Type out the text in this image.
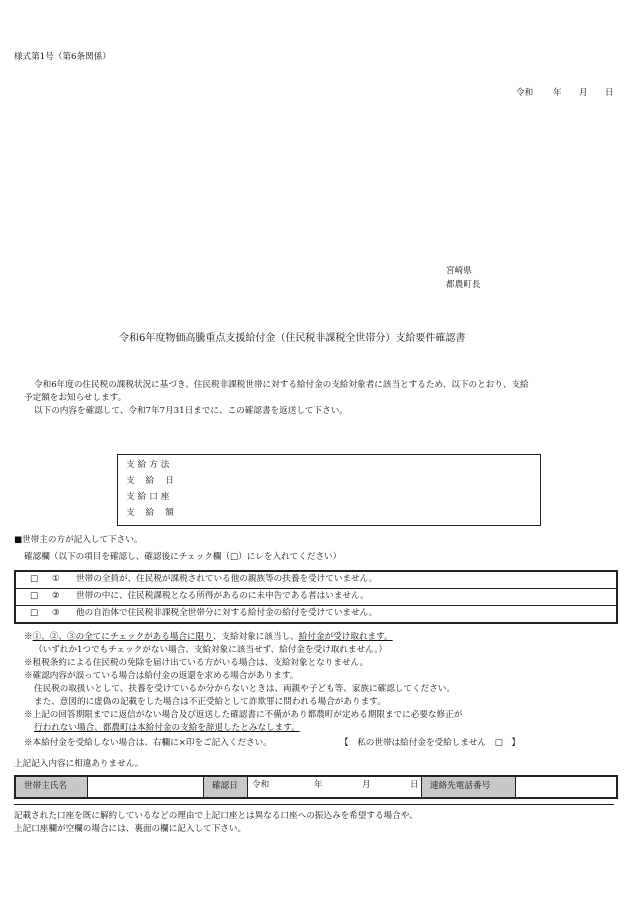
様式第1号（第6条関係）
令和 年 月 日
宮崎県
都農町長
令和6年度物価高騰重点支援給付金（住民税非課税全世帯分）支給要件確認書
令和6年度の住民税の課税状況に基づき、住民税非課税世帯に対する給付金の支給対象者に該当とするため、以下のとおり、支給
予定額をお知らせします。
以下の内容を確認して、令和7年7月31日までに、この確認書を返送して下さい。
支給方法
支給日
支給口座
支給額
■世帯主の方が記入して下さい。
確認欄（以下の項目を確認し、確認後にチェック欄（□）にレを入れてください）
□ ① 世帯の全員が、住民税が課税されている他の親族等の扶養を受けていません。
□ ② 世帯の中に、住民税課税となる所得があるのに未申告である者はいません。
□ ③ 他の自治体で住民税非課税全世帯分に対する給付金の給付を受けていません。
※①、②、③の全てにチェックがある場合に限り、支給対象に該当し、給付金が受け取れます。
（いずれか1つでもチェックがない場合、支給対象に該当せず、給付金を受け取れません。）
※租税条約による住民税の免除を届け出ている方がいる場合は、支給対象となりません。
※確認内容が誤っている場合は給付金の返還を求める場合があります。
住民税の取扱いとして、扶養を受けているか分からないときは、両親や子ども等、家族に確認してください。
また、意図的に虚偽の記載をした場合は不正受給として詐欺罪に問われる場合があります。
※上記の回答期限までに返信がない場合及び返送した確認書に不備があり都農町が定める期限までに必要な修正が
行われない場合、都農町は本給付金の支給を辞退したとみなします。
※本給付金を受給しない場合は、右欄に×印をご記入ください。	【　私の世帯は給付金を受給しません　□　】
上記記入内容に相違ありません。
世帯主氏名	確認日	令和	年	月	日	連絡先電話番号
記載された口座を既に解約しているなどの理由で上記口座とは異なる口座への振込みを希望する場合や、
上記口座欄が空欄の場合には、裏面の欄に記入して下さい。
